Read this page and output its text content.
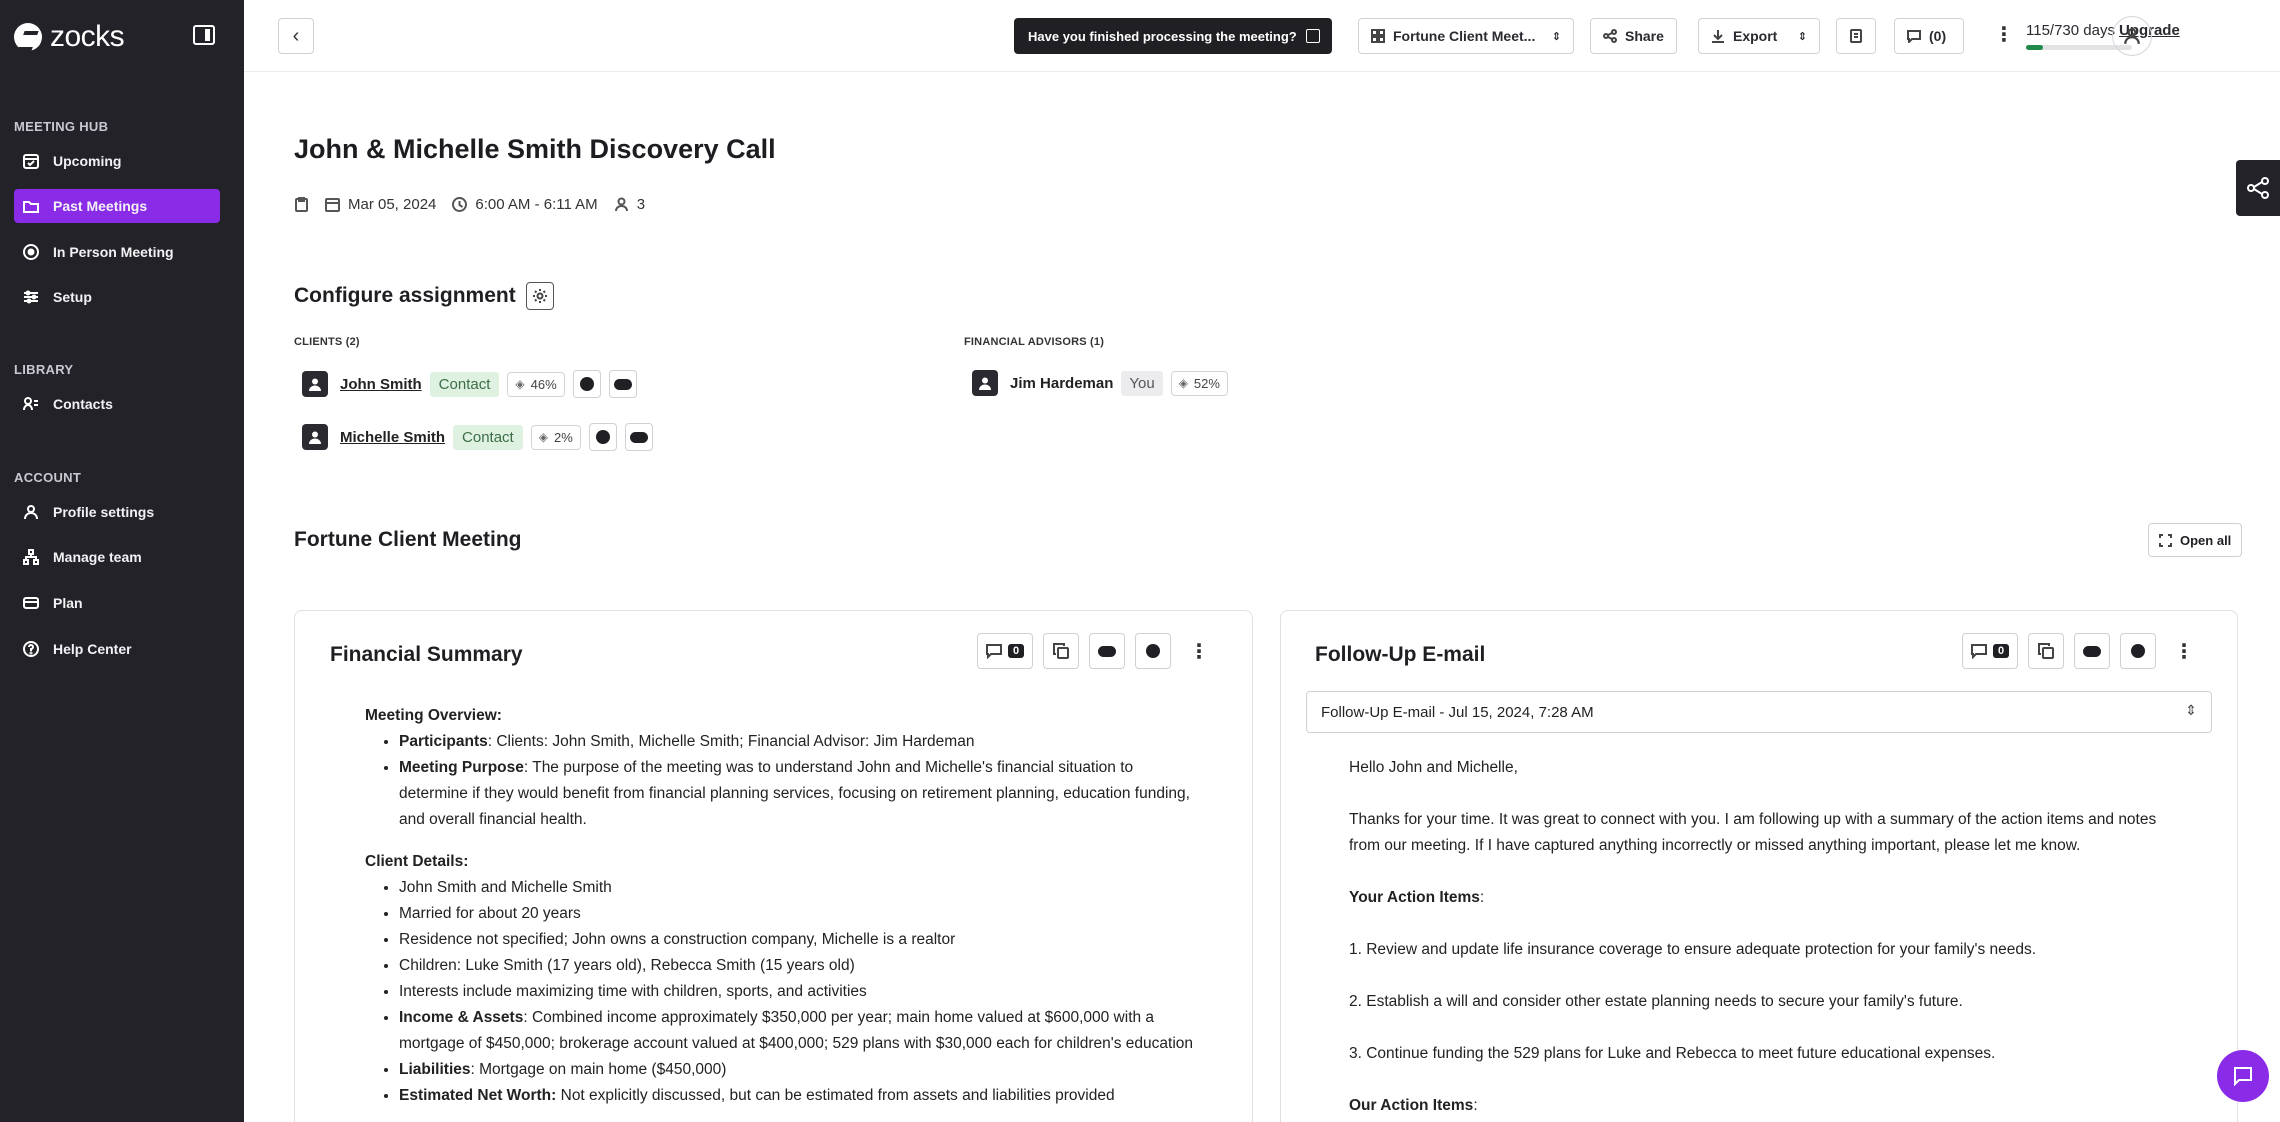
zocks
MEETING HUB
Upcoming
Past Meetings
In Person Meeting
Setup
LIBRARY
Contacts
ACCOUNT
Profile settings
Manage team
Plan
Help Center
‹	Have you finished processing the meeting?	Fortune Client Meet... ⇕	Share	Export ⇕	(0) ⋮ 115/730 days Upgrade
John & Michelle Smith Discovery Call
Mar 05, 2024	6:00 AM - 6:11 AM	3
Configure assignment
CLIENTS (2)	FINANCIAL ADVISORS (1)
John Smith	Contact	◈ 46%
Michelle Smith	Contact	◈ 2%
Jim Hardeman	You	◈ 52%
Fortune Client Meeting	Open all
Financial Summary	0	⋮
Meeting Overview:
• Participants: Clients: John Smith, Michelle Smith; Financial Advisor: Jim Hardeman
• Meeting Purpose: The purpose of the meeting was to understand John and Michelle's financial situation to determine if they would benefit from financial planning services, focusing on retirement planning, education funding, and overall financial health.
Client Details:
• John Smith and Michelle Smith
• Married for about 20 years
• Residence not specified; John owns a construction company, Michelle is a realtor
• Children: Luke Smith (17 years old), Rebecca Smith (15 years old)
• Interests include maximizing time with children, sports, and activities
• Income & Assets: Combined income approximately $350,000 per year; main home valued at $600,000 with a mortgage of $450,000; brokerage account valued at $400,000; 529 plans with $30,000 each for children's education
• Liabilities: Mortgage on main home ($450,000)
• Estimated Net Worth: Not explicitly discussed, but can be estimated from assets and liabilities provided
Follow-Up E-mail	0	⋮
Follow-Up E-mail - Jul 15, 2024, 7:28 AM	⇕

Hello John and Michelle,

Thanks for your time. It was great to connect with you. I am following up with a summary of the action items and notes from our meeting. If I have captured anything incorrectly or missed anything important, please let me know.

Your Action Items:

1. Review and update life insurance coverage to ensure adequate protection for your family's needs.

2. Establish a will and consider other estate planning needs to secure your family's future.

3. Continue funding the 529 plans for Luke and Rebecca to meet future educational expenses.

Our Action Items:
